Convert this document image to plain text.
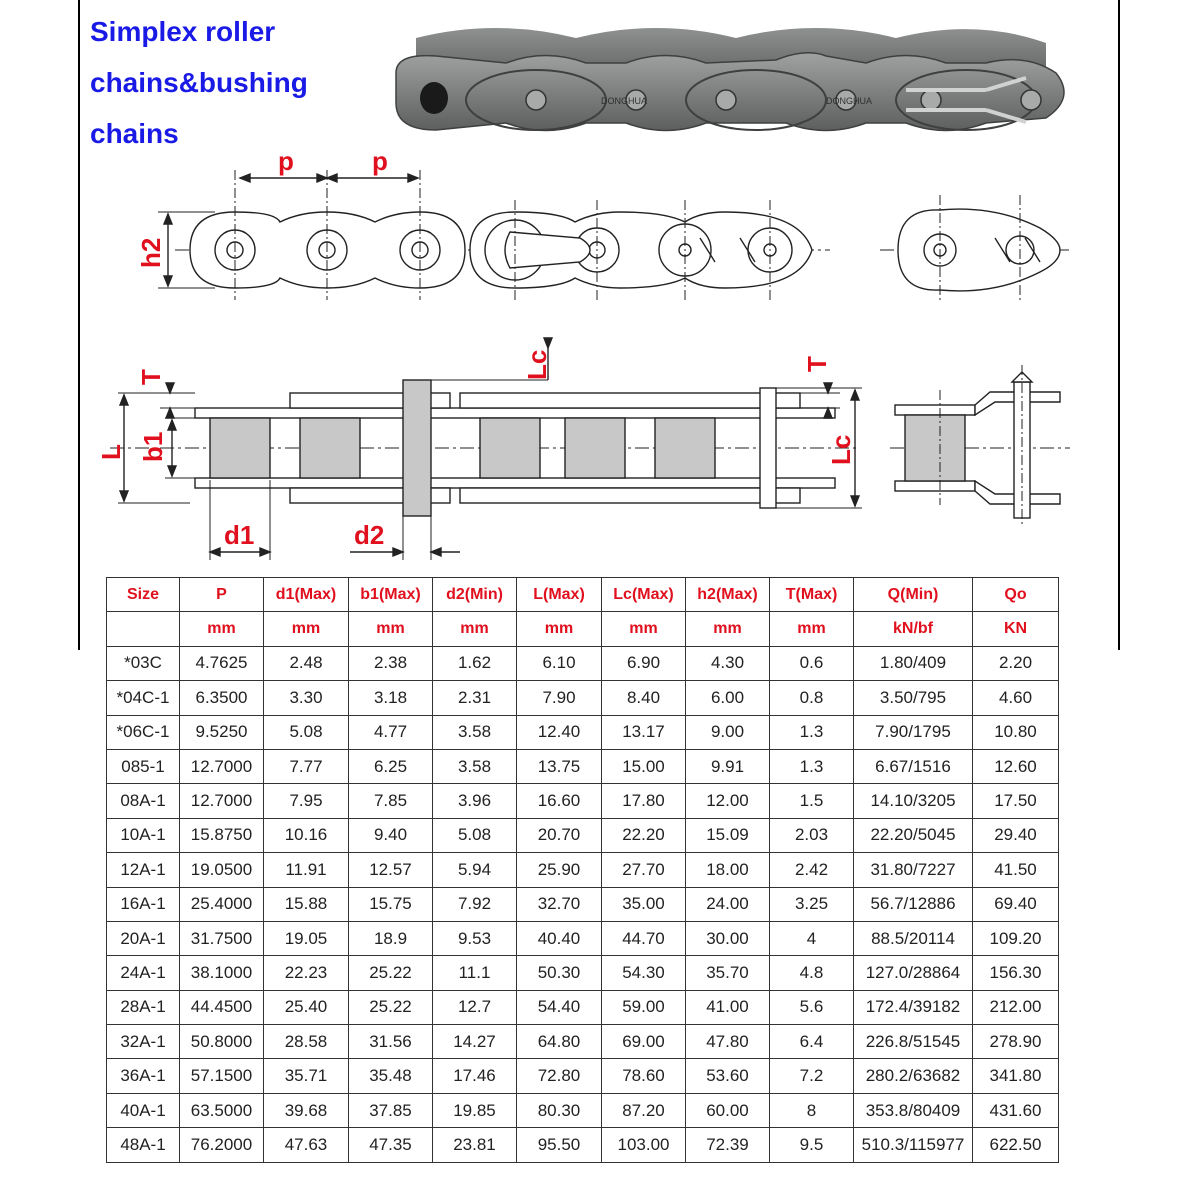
Simplex roller
chains&bushing
chains
DONGHUA	DONGHUA
p	p
h2
T
L b1
Lc	T
Lc
d1	d2
Size	P	d1(Max)	b1(Max)	d2(Min)	L(Max)	Lc(Max)	h2(Max)	T(Max)	Q(Min)	Qo
	mm	mm	mm	mm	mm	mm	mm	mm	kN/bf	KN
*03C	4.7625	2.48	2.38	1.62	6.10	6.90	4.30	0.6	1.80/409	2.20
*04C-1	6.3500	3.30	3.18	2.31	7.90	8.40	6.00	0.8	3.50/795	4.60
*06C-1	9.5250	5.08	4.77	3.58	12.40	13.17	9.00	1.3	7.90/1795	10.80
085-1	12.7000	7.77	6.25	3.58	13.75	15.00	9.91	1.3	6.67/1516	12.60
08A-1	12.7000	7.95	7.85	3.96	16.60	17.80	12.00	1.5	14.10/3205	17.50
10A-1	15.8750	10.16	9.40	5.08	20.70	22.20	15.09	2.03	22.20/5045	29.40
12A-1	19.0500	11.91	12.57	5.94	25.90	27.70	18.00	2.42	31.80/7227	41.50
16A-1	25.4000	15.88	15.75	7.92	32.70	35.00	24.00	3.25	56.7/12886	69.40
20A-1	31.7500	19.05	18.9	9.53	40.40	44.70	30.00	4	88.5/20114	109.20
24A-1	38.1000	22.23	25.22	11.1	50.30	54.30	35.70	4.8	127.0/28864	156.30
28A-1	44.4500	25.40	25.22	12.7	54.40	59.00	41.00	5.6	172.4/39182	212.00
32A-1	50.8000	28.58	31.56	14.27	64.80	69.00	47.80	6.4	226.8/51545	278.90
36A-1	57.1500	35.71	35.48	17.46	72.80	78.60	53.60	7.2	280.2/63682	341.80
40A-1	63.5000	39.68	37.85	19.85	80.30	87.20	60.00	8	353.8/80409	431.60
48A-1	76.2000	47.63	47.35	23.81	95.50	103.00	72.39	9.5	510.3/115977	622.50
